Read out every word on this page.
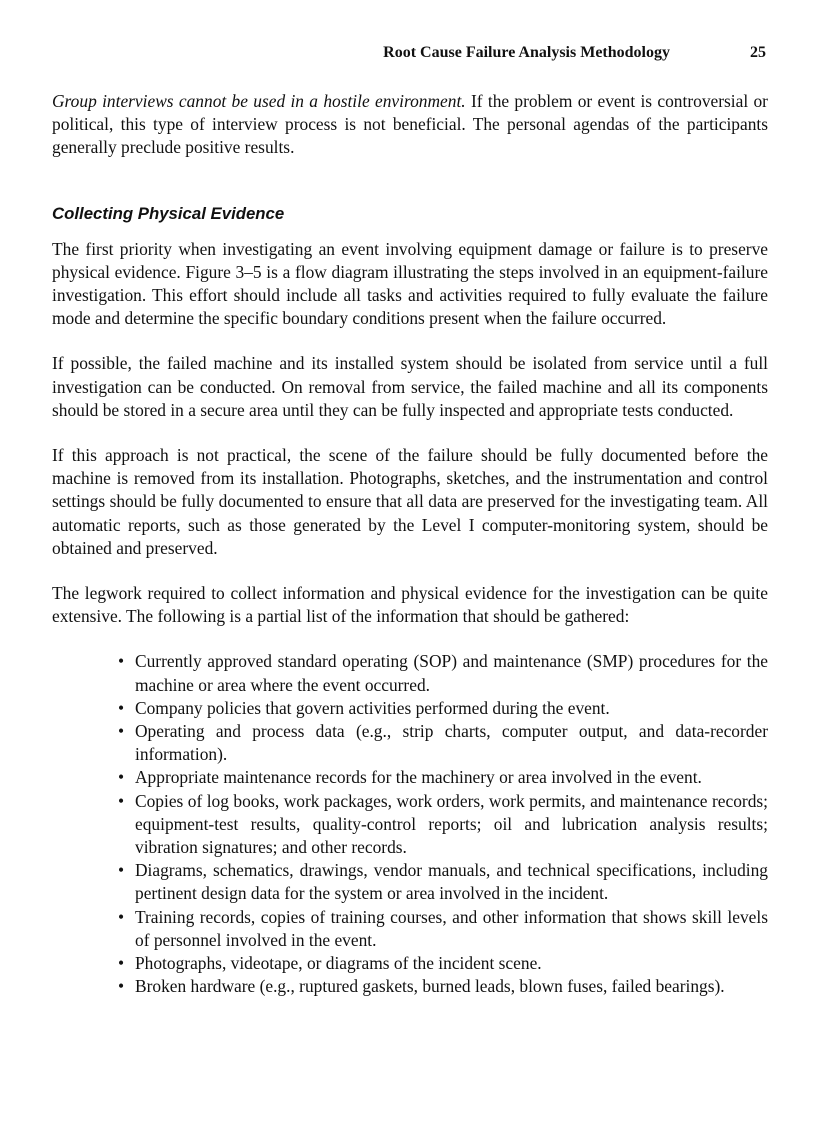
Root Cause Failure Analysis Methodology	25

Group interviews cannot be used in a hostile environment. If the problem or event is controversial or political, this type of interview process is not beneficial. The personal agendas of the participants generally preclude positive results.

Collecting Physical Evidence

The first priority when investigating an event involving equipment damage or failure is to preserve physical evidence. Figure 3–5 is a flow diagram illustrating the steps involved in an equipment-failure investigation. This effort should include all tasks and activities required to fully evaluate the failure mode and determine the specific boundary conditions present when the failure occurred.

If possible, the failed machine and its installed system should be isolated from service until a full investigation can be conducted. On removal from service, the failed machine and all its components should be stored in a secure area until they can be fully inspected and appropriate tests conducted.

If this approach is not practical, the scene of the failure should be fully documented before the machine is removed from its installation. Photographs, sketches, and the instrumentation and control settings should be fully documented to ensure that all data are preserved for the investigating team. All automatic reports, such as those generated by the Level I computer-monitoring system, should be obtained and preserved.

The legwork required to collect information and physical evidence for the investigation can be quite extensive. The following is a partial list of the information that should be gathered:

• Currently approved standard operating (SOP) and maintenance (SMP) procedures for the machine or area where the event occurred.
• Company policies that govern activities performed during the event.
• Operating and process data (e.g., strip charts, computer output, and data-recorder information).
• Appropriate maintenance records for the machinery or area involved in the event.
• Copies of log books, work packages, work orders, work permits, and maintenance records; equipment-test results, quality-control reports; oil and lubrication analysis results; vibration signatures; and other records.
• Diagrams, schematics, drawings, vendor manuals, and technical specifications, including pertinent design data for the system or area involved in the incident.
• Training records, copies of training courses, and other information that shows skill levels of personnel involved in the event.
• Photographs, videotape, or diagrams of the incident scene.
• Broken hardware (e.g., ruptured gaskets, burned leads, blown fuses, failed bearings).
